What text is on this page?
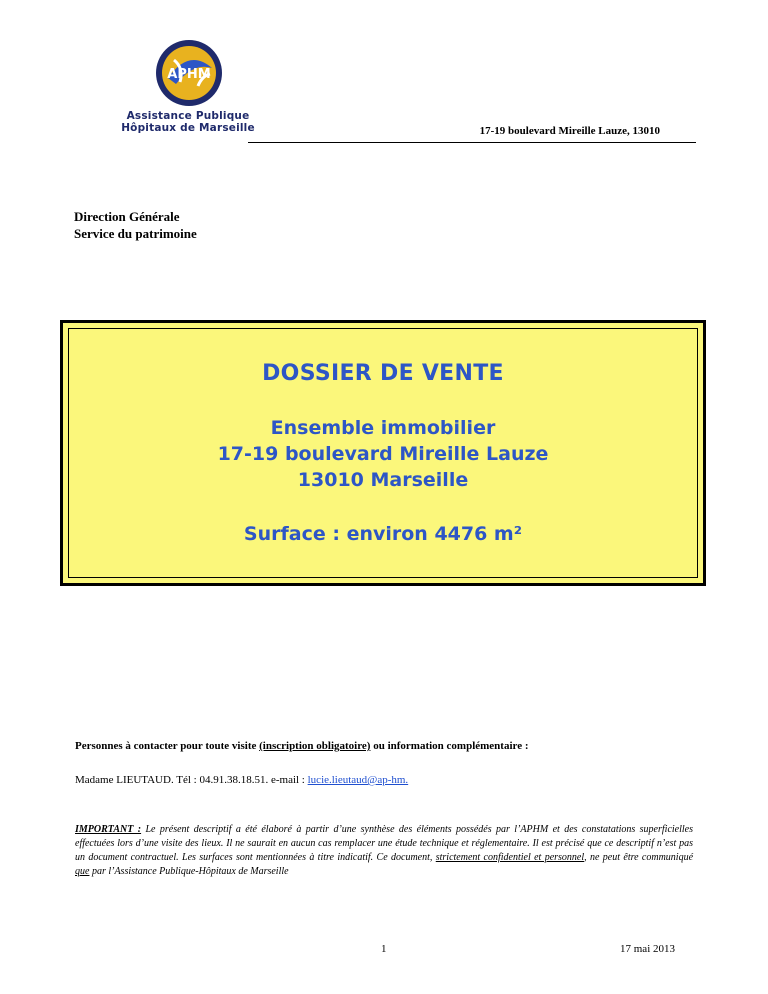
APHM
Assistance Publique
Hôpitaux de Marseille	17-19 boulevard Mireille Lauze, 13010
Direction Générale
Service du patrimoine
DOSSIER DE VENTE
Ensemble immobilier
17-19 boulevard Mireille Lauze
13010 Marseille
Surface : environ 4476 m²
Personnes à contacter pour toute visite (inscription obligatoire) ou information complémentaire :
Madame LIEUTAUD. Tél : 04.91.38.18.51. e-mail : lucie.lieutaud@ap-hm.
IMPORTANT : Le présent descriptif a été élaboré à partir d’une synthèse des éléments possédés par l’APHM et des constatations superficielles effectuées lors d’une visite des lieux. Il ne saurait en aucun cas remplacer une étude technique et réglementaire. Il est précisé que ce descriptif n’est pas un document contractuel. Les surfaces sont mentionnées à titre indicatif. Ce document, strictement confidentiel et personnel, ne peut être communiqué que par l’Assistance Publique-Hôpitaux de Marseille
1	17 mai 2013
